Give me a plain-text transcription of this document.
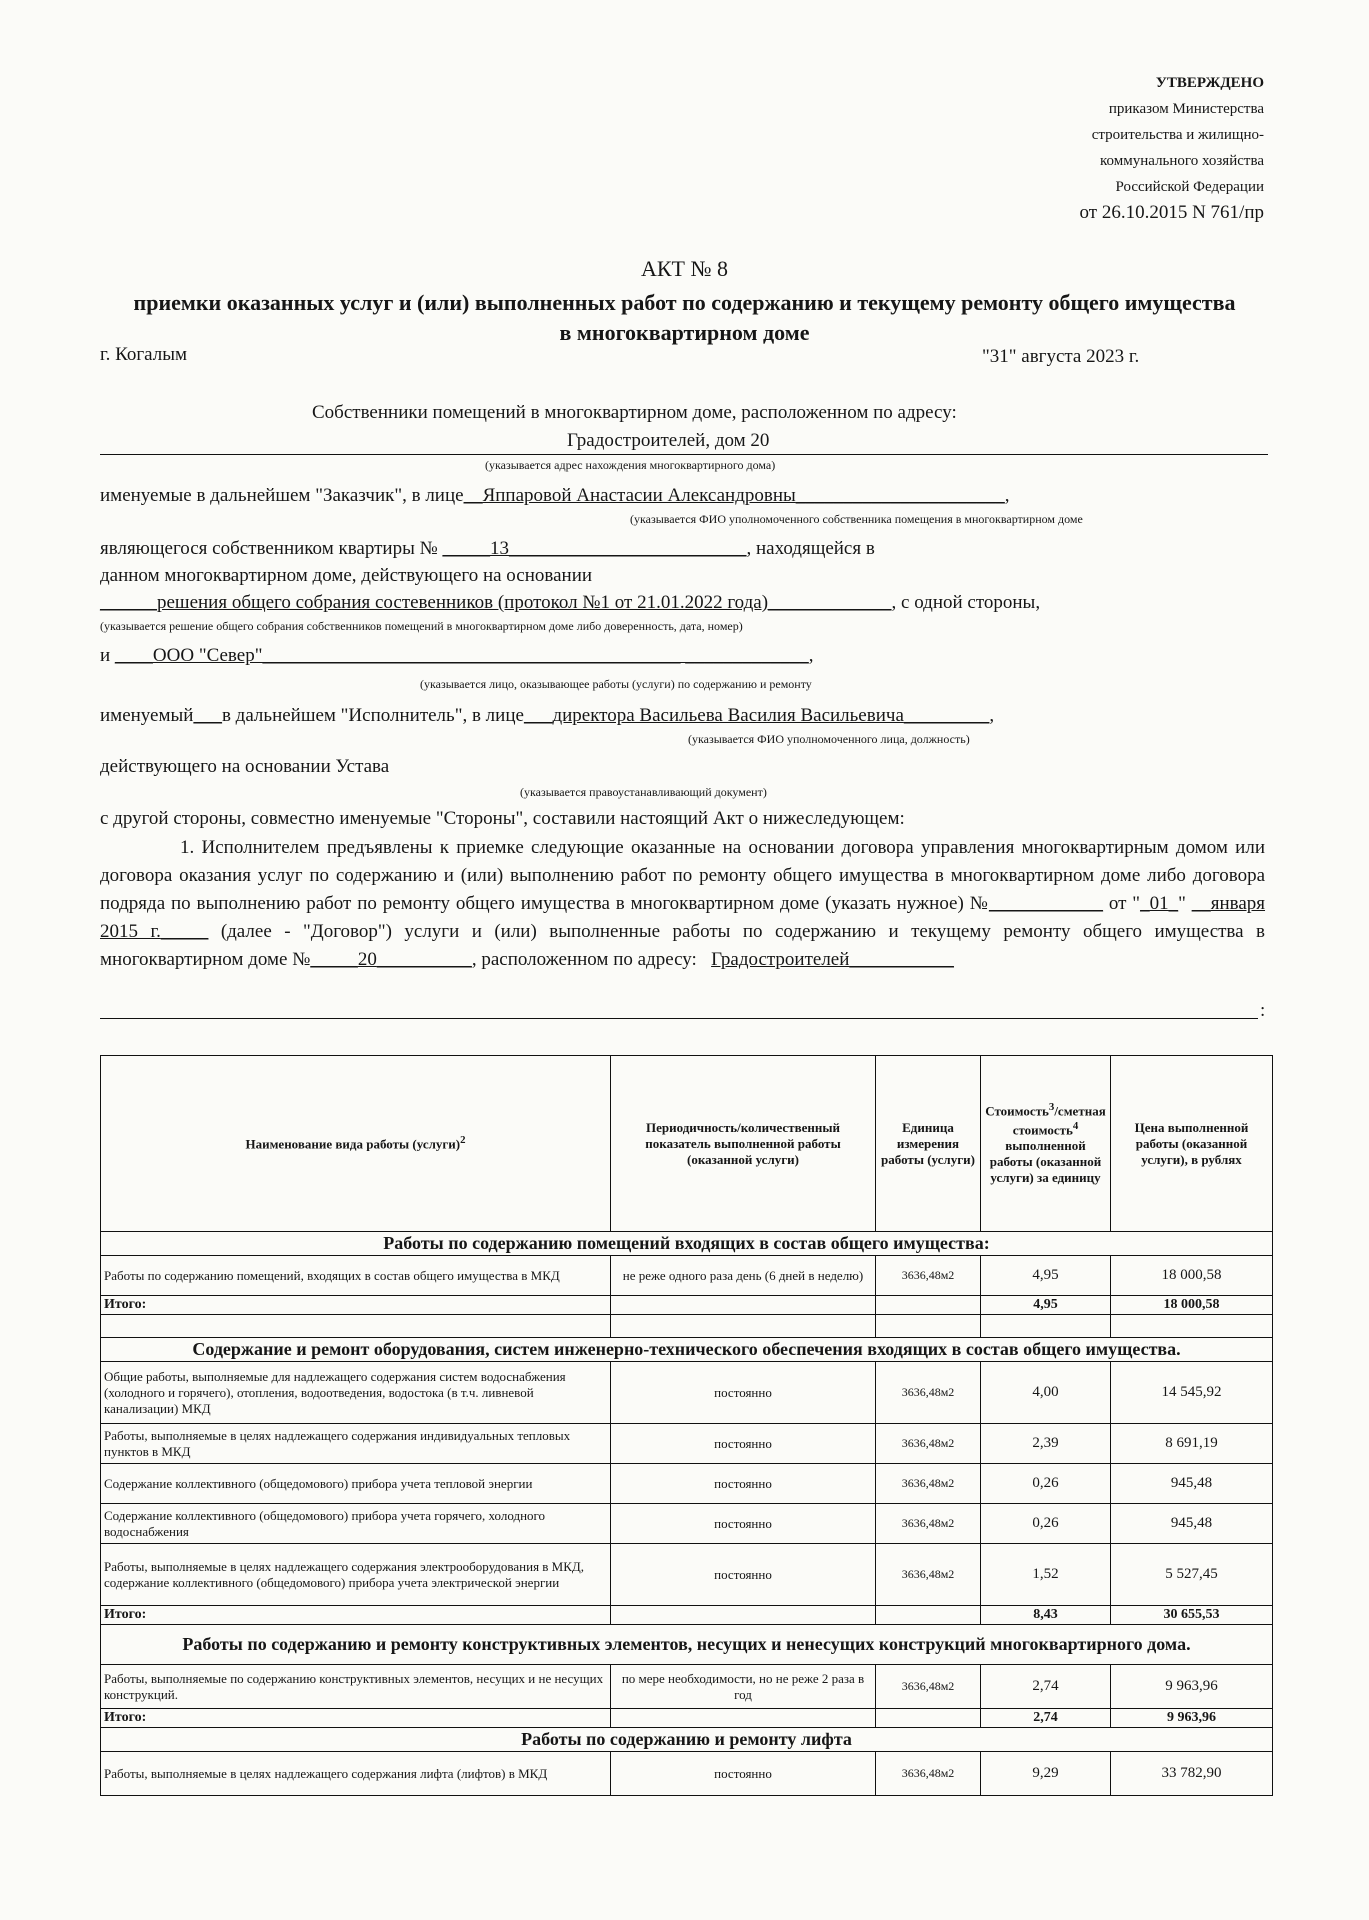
УТВЕРЖДЕНО
приказом Министерства
строительства и жилищно-
коммунального хозяйства
Российской Федерации
от 26.10.2015 N 761/пр
АКТ № 8
приемки оказанных услуг и (или) выполненных работ по содержанию и текущему ремонту общего имущества в многоквартирном доме
г. Когалым	"31" августа 2023 г.
Собственники помещений в многоквартирном доме, расположенном по адресу:
Градостроителей, дом 20
(указывается адрес нахождения многоквартирного дома)
именуемые в дальнейшем "Заказчик", в лице__Яппаровой Анастасии Александровны______________________,
(указывается ФИО уполномоченного собственника помещения в многоквартирном доме
являющегося собственником квартиры № _____13_________________________, находящейся в
данном многоквартирном доме, действующего на основании
______решения общего собрания состевенников (протокол №1 от 21.01.2022 года)_____________, с одной стороны,
(указывается решение общего собрания собственников помещений в многоквартирном доме либо доверенность, дата, номер)
и ____ООО "Север"____________________________________________ _____________,
(указывается лицо, оказывающее работы (услуги) по содержанию и ремонту
именуемый___в дальнейшем "Исполнитель", в лице___директора Васильева Василия Васильевича_________,
(указывается ФИО уполномоченного лица, должность)
действующего на основании Устава
(указывается правоустанавливающий документ)
с другой стороны, совместно именуемые "Стороны", составили настоящий Акт о нижеследующем:
1. Исполнителем предъявлены к приемке следующие оказанные на основании договора управления многоквартирным домом или договора оказания услуг по содержанию и (или) выполнению работ по ремонту общего имущества в многоквартирном доме либо договора подряда по выполнению работ по ремонту общего имущества в многоквартирном доме (указать нужное) №____________ от "_01_" __января 2015 г._____ (далее - "Договор") услуги и (или) выполненные работы по содержанию и текущему ремонту общего имущества в многоквартирном доме №_____20__________, расположенном по адресу: Градостроителей___________
:
Наименование вида работы (услуги)$^2$	Периодичность/количественный показатель выполненной работы (оказанной услуги)	Единица измерения работы (услуги)	Стоимость$^3$/сметная стоимость$^4$ выполненной работы (оказанной услуги) за единицу	Цена выполненной работы (оказанной услуги), в рублях
Работы по содержанию помещений входящих в состав общего имущества:				
Работы по содержанию помещений, входящих в состав общего имущества в МКД	не реже одного раза день (6 дней в неделю)	3636,48м2	4,95	18 000,58
Итого:			4,95	18 000,58

Содержание и ремонт оборудования, систем инженерно-технического обеспечения входящих в состав общего имущества.				
Общие работы, выполняемые для надлежащего содержания систем водоснабжения (холодного и горячего), отопления, водоотведения, водостока (в т.ч. ливневой канализации) МКД	постоянно	3636,48м2	4,00	14 545,92
Работы, выполняемые в целях надлежащего содержания индивидуальных тепловых пунктов в МКД	постоянно	3636,48м2	2,39	8 691,19
Содержание коллективного (общедомового) прибора учета тепловой энергии	постоянно	3636,48м2	0,26	945,48
Содержание коллективного (общедомового) прибора учета горячего, холодного водоснабжения	постоянно	3636,48м2	0,26	945,48
Работы, выполняемые в целях надлежащего содержания электрооборудования в МКД, содержание коллективного (общедомового) прибора учета электрической энергии	постоянно	3636,48м2	1,52	5 527,45
Итого:			8,43	30 655,53
Работы по содержанию и ремонту конструктивных элементов, несущих и ненесущих конструкций многоквартирного дома.				
Работы, выполняемые по содержанию конструктивных элементов, несущих и не несущих конструкций.	по мере необходимости, но не реже 2 раза в год	3636,48м2	2,74	9 963,96
Итого:			2,74	9 963,96
Работы по содержанию и ремонту лифта				
Работы, выполняемые в целях надлежащего содержания лифта (лифтов) в МКД	постоянно	3636,48м2	9,29	33 782,90
